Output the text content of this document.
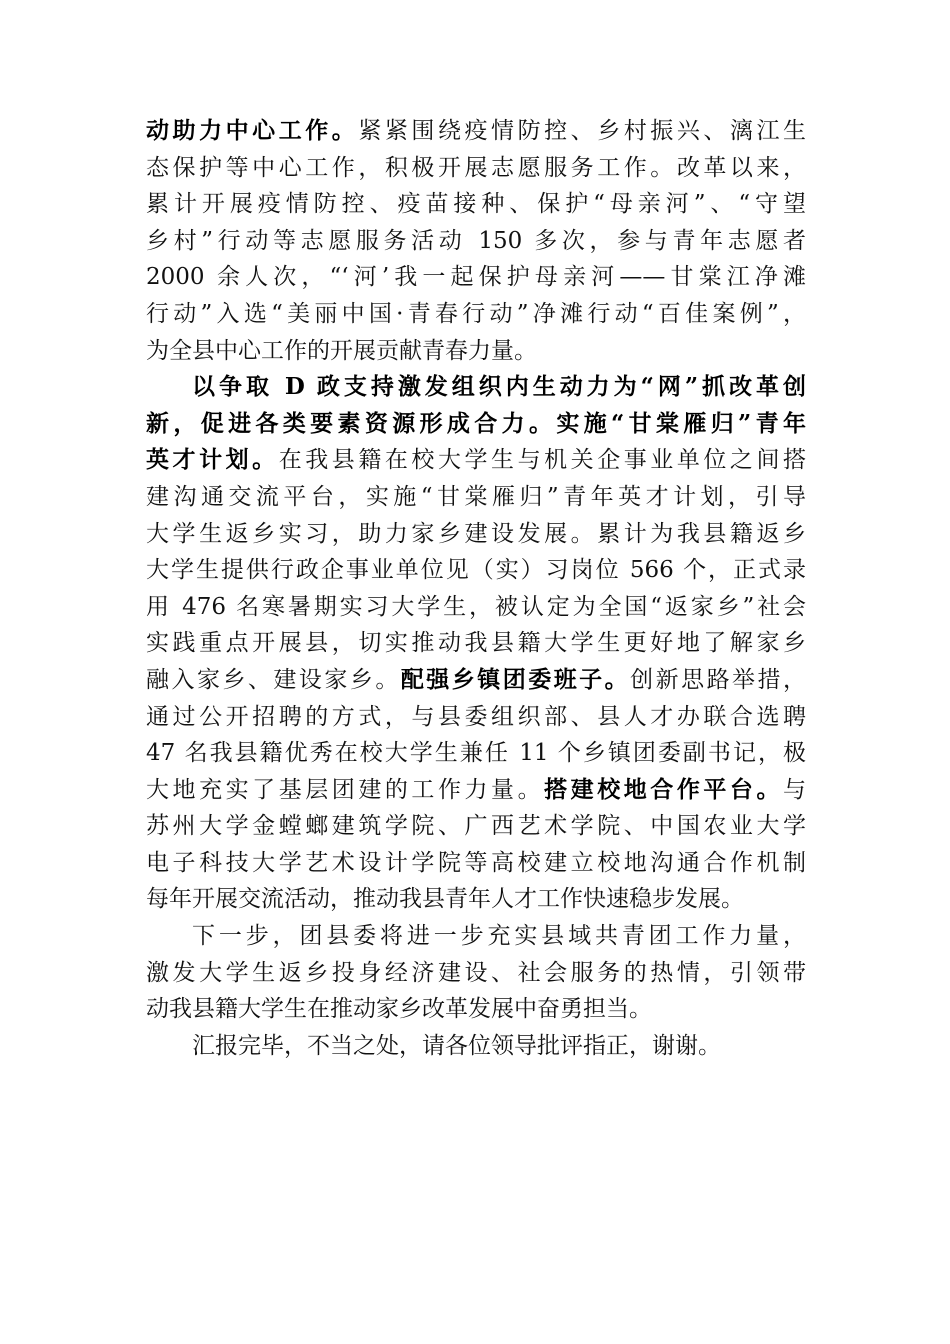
动助力中心工作。紧紧围绕疫情防控、乡村振兴、漓江生
态保护等中心工作，积极开展志愿服务工作。改革以来，
累计开展疫情防控、疫苗接种、保护“母亲河”、“守望
乡村”行动等志愿服务活动 150 多次，参与青年志愿者
2000 余人次，“‘河’我一起保护母亲河——甘棠江净滩
行动”入选“美丽中国·青春行动”净滩行动“百佳案例”，
为全县中心工作的开展贡献青春力量。
以争取 D 政支持激发组织内生动力为“网”抓改革创
新，促进各类要素资源形成合力。实施“甘棠雁归”青年
英才计划。在我县籍在校大学生与机关企事业单位之间搭
建沟通交流平台，实施“甘棠雁归”青年英才计划，引导
大学生返乡实习，助力家乡建设发展。累计为我县籍返乡
大学生提供行政企事业单位见（实）习岗位 566 个，正式录
用 476 名寒暑期实习大学生，被认定为全国“返家乡”社会
实践重点开展县，切实推动我县籍大学生更好地了解家乡
融入家乡、建设家乡。配强乡镇团委班子。创新思路举措，
通过公开招聘的方式，与县委组织部、县人才办联合选聘
47 名我县籍优秀在校大学生兼任 11 个乡镇团委副书记，极
大地充实了基层团建的工作力量。搭建校地合作平台。与
苏州大学金螳螂建筑学院、广西艺术学院、中国农业大学
电子科技大学艺术设计学院等高校建立校地沟通合作机制
每年开展交流活动，推动我县青年人才工作快速稳步发展。
下一步，团县委将进一步充实县域共青团工作力量，
激发大学生返乡投身经济建设、社会服务的热情，引领带
动我县籍大学生在推动家乡改革发展中奋勇担当。
汇报完毕，不当之处，请各位领导批评指正，谢谢。
